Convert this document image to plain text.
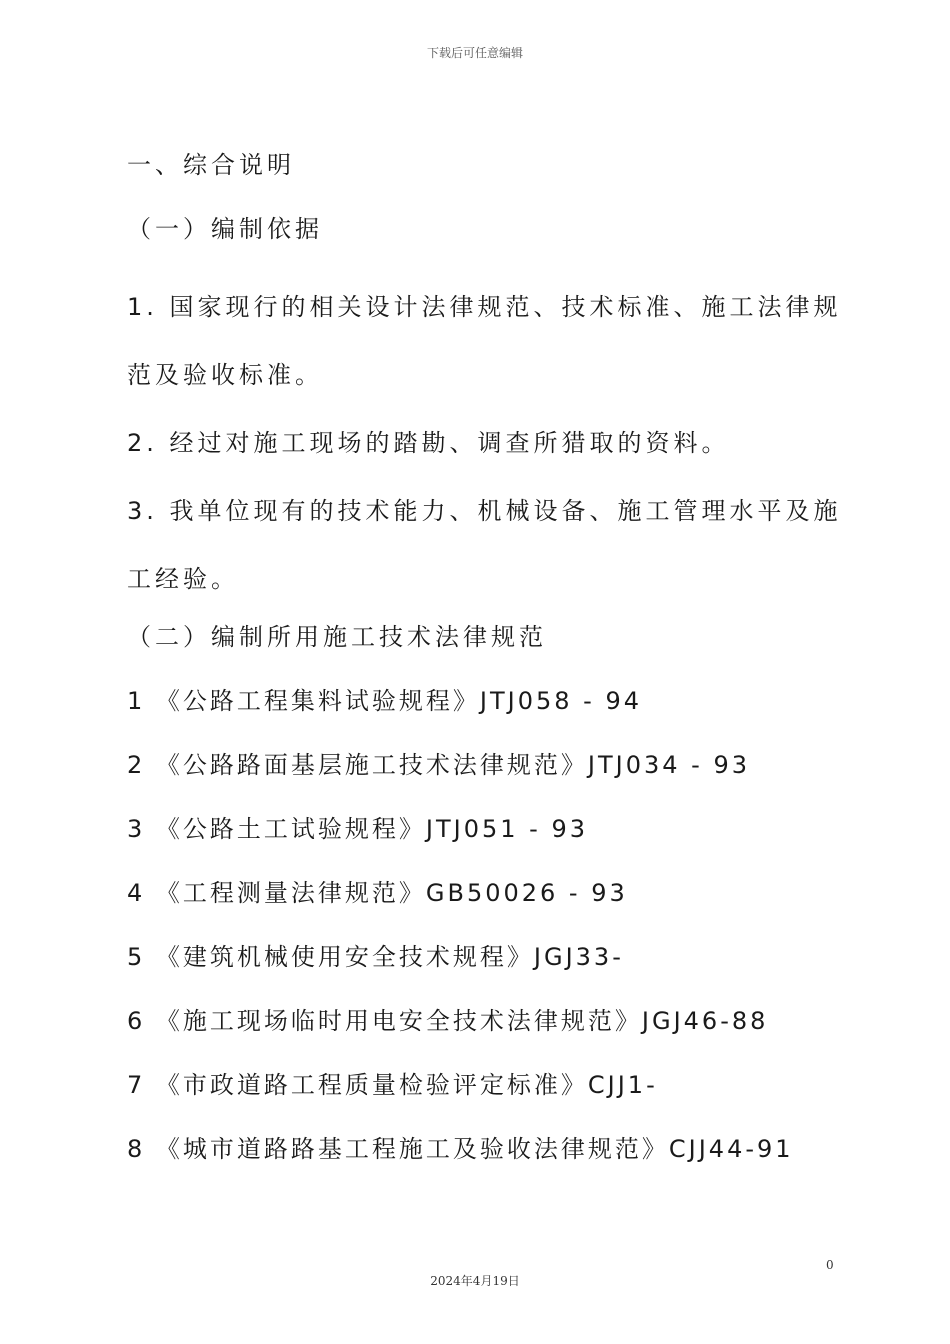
下载后可任意编辑

一、综合说明

（一）编制依据

1. 国家现行的相关设计法律规范、技术标准、施工法律规

范及验收标准。

2. 经过对施工现场的踏勘、调查所猎取的资料。

3. 我单位现有的技术能力、机械设备、施工管理水平及施

工经验。

（二）编制所用施工技术法律规范

1 《公路工程集料试验规程》JTJ058 - 94

2 《公路路面基层施工技术法律规范》JTJ034 - 93

3 《公路土工试验规程》JTJ051 - 93

4 《工程测量法律规范》GB50026 - 93

5 《建筑机械使用安全技术规程》JGJ33-

6 《施工现场临时用电安全技术法律规范》JGJ46-88

7 《市政道路工程质量检验评定标准》CJJ1-

8 《城市道路路基工程施工及验收法律规范》CJJ44-91

0
2024年4月19日
